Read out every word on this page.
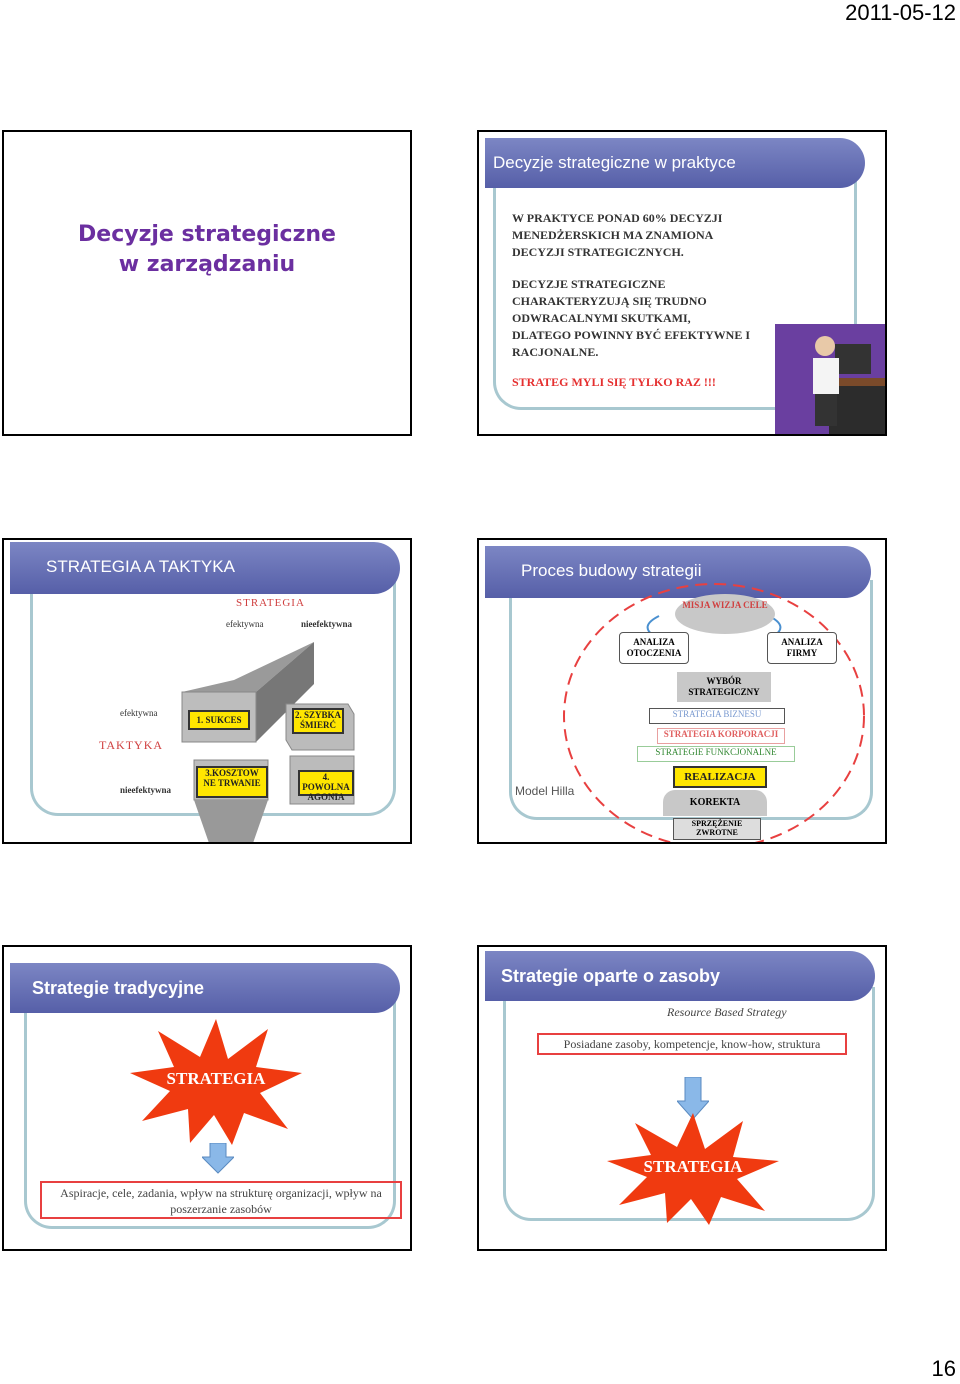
2011-05-12
Decyzje strategiczne
w zarządzaniu
Decyzje strategiczne w praktyce
W PRAKTYCE PONAD 60% DECYZJI MENEDŻERSKICH MA ZNAMIONA DECYZJI STRATEGICZNYCH.
DECYZJE STRATEGICZNE CHARAKTERYZUJĄ SIĘ TRUDNO ODWRACALNYMI SKUTKAMI, DLATEGO POWINNY BYĆ EFEKTYWNE I RACJONALNE.
STRATEG MYLI SIĘ TYLKO RAZ !!!
STRATEGIA A TAKTYKA
STRATEGIA
efektywna	nieefektywna
efektywna
TAKTYKA
nieefektywna
1. SUKCES	2. SZYBKA ŚMIERĆ
3.KOSZTOW NE TRWANIE
4. POWOLNA AGONIA
Proces budowy strategii
MISJA WIZJA CELE
ANALIZA OTOCZENIA
ANALIZA FIRMY
WYBÓR STRATEGICZNY
STRATEGIA BIZNESU
STRATEGIA KORPORACJI
STRATEGIE FUNKCJONALNE
REALIZACJA
KOREKTA
SPRZĘŻENIE ZWROTNE
Model Hilla
Strategie tradycyjne
STRATEGIA
Aspiracje, cele, zadania, wpływ na strukturę organizacji, wpływ na poszerzanie zasobów
Strategie oparte o zasoby
Resource Based Strategy
Posiadane zasoby, kompetencje, know-how, struktura
STRATEGIA
16
